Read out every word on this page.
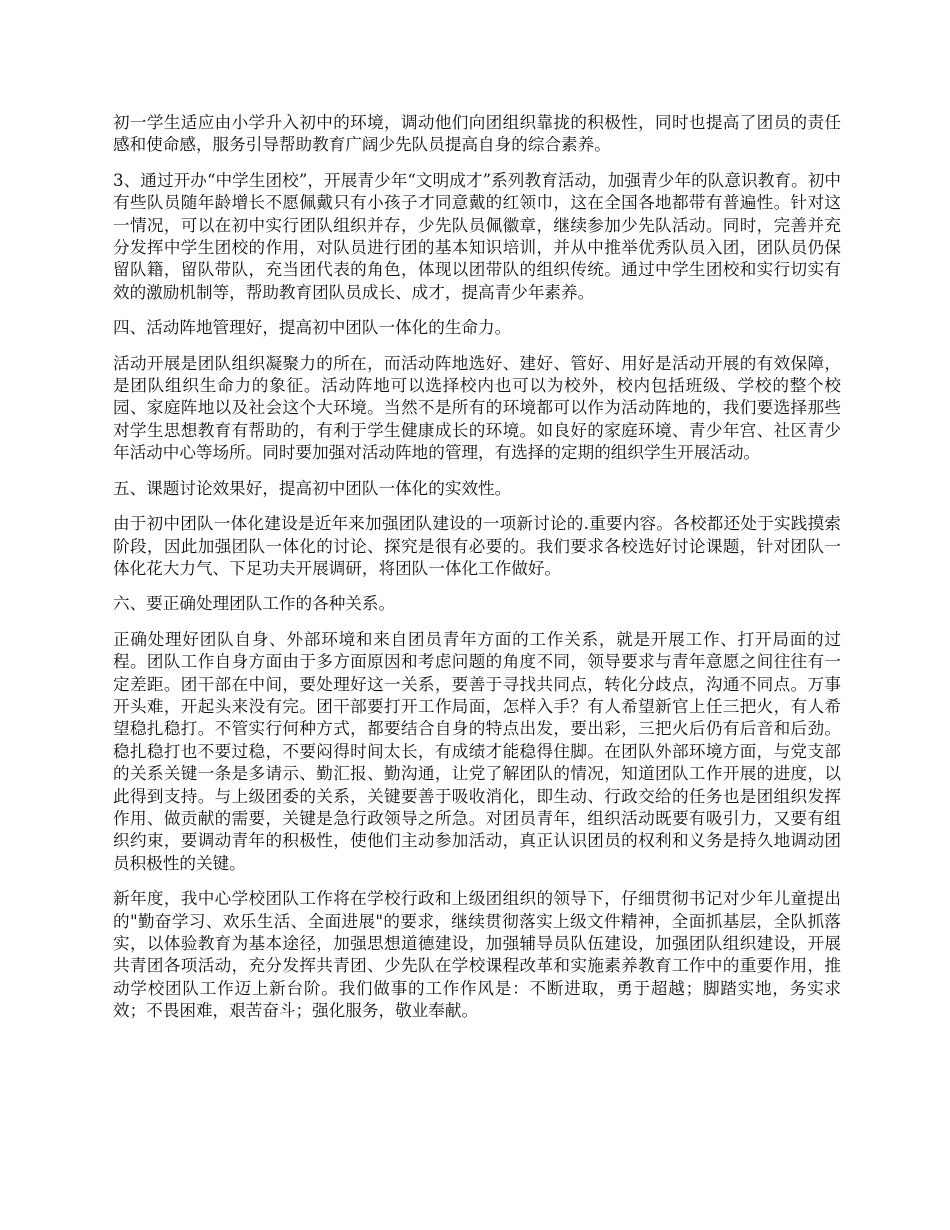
初一学生适应由小学升入初中的环境，调动他们向团组织靠拢的积极性，同时也提高了团员的责任感和使命感，服务引导帮助教育广阔少先队员提高自身的综合素养。

3、通过开办“中学生团校”，开展青少年“文明成才”系列教育活动，加强青少年的队意识教育。初中有些队员随年龄增长不愿佩戴只有小孩子才同意戴的红领巾，这在全国各地都带有普遍性。针对这一情况，可以在初中实行团队组织并存，少先队员佩徽章，继续参加少先队活动。同时，完善并充分发挥中学生团校的作用，对队员进行团的基本知识培训，并从中推举优秀队员入团，团队员仍保留队籍，留队带队，充当团代表的角色，体现以团带队的组织传统。通过中学生团校和实行切实有效的激励机制等，帮助教育团队员成长、成才，提高青少年素养。

四、活动阵地管理好，提高初中团队一体化的生命力。

活动开展是团队组织凝聚力的所在，而活动阵地选好、建好、管好、用好是活动开展的有效保障，是团队组织生命力的象征。活动阵地可以选择校内也可以为校外，校内包括班级、学校的整个校园、家庭阵地以及社会这个大环境。当然不是所有的环境都可以作为活动阵地的，我们要选择那些对学生思想教育有帮助的，有利于学生健康成长的环境。如良好的家庭环境、青少年宫、社区青少年活动中心等场所。同时要加强对活动阵地的管理，有选择的定期的组织学生开展活动。

五、课题讨论效果好，提高初中团队一体化的实效性。

由于初中团队一体化建设是近年来加强团队建设的一项新讨论的.重要内容。各校都还处于实践摸索阶段，因此加强团队一体化的讨论、探究是很有必要的。我们要求各校选好讨论课题，针对团队一体化花大力气、下足功夫开展调研，将团队一体化工作做好。

六、要正确处理团队工作的各种关系。

正确处理好团队自身、外部环境和来自团员青年方面的工作关系，就是开展工作、打开局面的过程。团队工作自身方面由于多方面原因和考虑问题的角度不同，领导要求与青年意愿之间往往有一定差距。团干部在中间，要处理好这一关系，要善于寻找共同点，转化分歧点，沟通不同点。万事开头难，开起头来没有完。团干部要打开工作局面，怎样入手？有人希望新官上任三把火，有人希望稳扎稳打。不管实行何种方式，都要结合自身的特点出发，要出彩，三把火后仍有后音和后劲。稳扎稳打也不要过稳，不要闷得时间太长，有成绩才能稳得住脚。在团队外部环境方面，与党支部的关系关键一条是多请示、勤汇报、勤沟通，让党了解团队的情况，知道团队工作开展的进度，以此得到支持。与上级团委的关系，关键要善于吸收消化，即生动、行政交给的任务也是团组织发挥作用、做贡献的需要，关键是急行政领导之所急。对团员青年，组织活动既要有吸引力，又要有组织约束，要调动青年的积极性，使他们主动参加活动，真正认识团员的权利和义务是持久地调动团员积极性的关键。

新年度，我中心学校团队工作将在学校行政和上级团组织的领导下，仔细贯彻书记对少年儿童提出的"勤奋学习、欢乐生活、全面进展"的要求，继续贯彻落实上级文件精神，全面抓基层，全队抓落实，以体验教育为基本途径，加强思想道德建设，加强辅导员队伍建设，加强团队组织建设，开展共青团各项活动，充分发挥共青团、少先队在学校课程改革和实施素养教育工作中的重要作用，推动学校团队工作迈上新台阶。我们做事的工作作风是：不断进取，勇于超越；脚踏实地，务实求效；不畏困难，艰苦奋斗；强化服务，敬业奉献。
